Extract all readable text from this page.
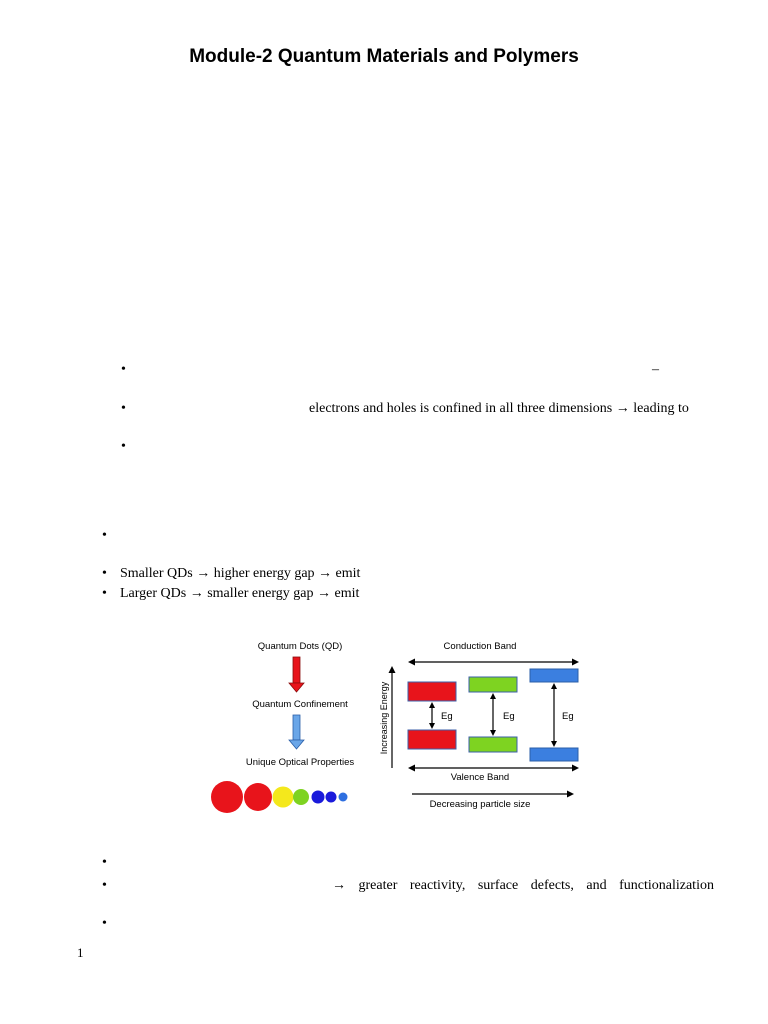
Module-2 Quantum Materials and Polymers
•	–
•	electrons and holes is confined in all three dimensions → leading to
•
•
• Smaller QDs → higher energy gap → emit
• Larger QDs → smaller energy gap → emit
Quantum Dots (QD)
Quantum Confinement
Unique Optical Properties
Conduction Band
Increasing Energy	Eg	Eg	Eg
Valence Band
Decreasing particle size
•
•	→ greater reactivity, surface defects, and functionalization
•
1
